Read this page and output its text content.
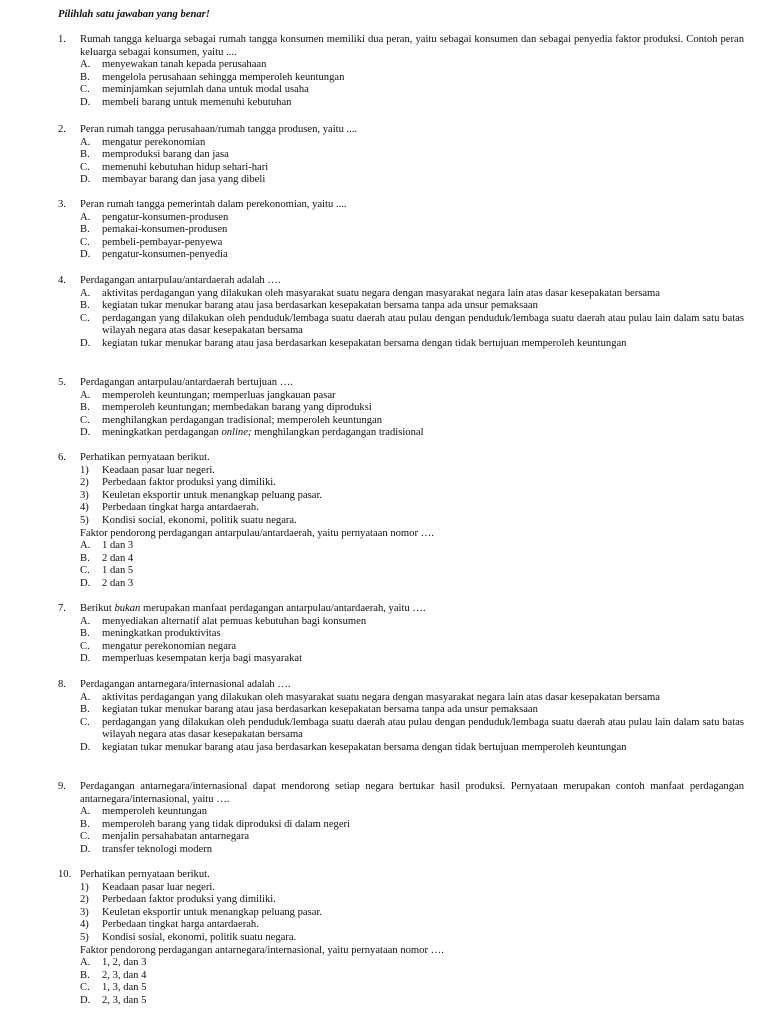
Pilihlah satu jawaban yang benar!
1. Rumah tangga keluarga sebagai rumah tangga konsumen memiliki dua peran, yaitu sebagai konsumen dan sebagai penyedia faktor produksi. Contoh peran keluarga sebagai konsumen, yaitu ....
A. menyewakan tanah kepada perusahaan
B. mengelola perusahaan sehingga memperoleh keuntungan
C. meminjamkan sejumlah dana untuk modal usaha
D. membeli barang untuk memenuhi kebutuhan
2. Peran rumah tangga perusahaan/rumah tangga produsen, yaitu ....
A. mengatur perekonomian
B. memproduksi barang dan jasa
C. memenuhi kebutuhan hidup sehari-hari
D. membayar barang dan jasa yang dibeli
3. Peran rumah tangga pemerintah dalam perekonomian, yaitu ....
A. pengatur-konsumen-produsen
B. pemakai-konsumen-produsen
C. pembeli-pembayar-penyewa
D. pengatur-konsumen-penyedia
4. Perdagangan antarpulau/antardaerah adalah ….
A. aktivitas perdagangan yang dilakukan oleh masyarakat suatu negara dengan masyarakat negara lain atas dasar kesepakatan bersama
B. kegiatan tukar menukar barang atau jasa berdasarkan kesepakatan bersama tanpa ada unsur pemaksaan
C. perdagangan yang dilakukan oleh penduduk/lembaga suatu daerah atau pulau dengan penduduk/lembaga suatu daerah atau pulau lain dalam satu batas wilayah negara atas dasar kesepakatan bersama
D. kegiatan tukar menukar barang atau jasa berdasarkan kesepakatan bersama dengan tidak bertujuan memperoleh keuntungan
5. Perdagangan antarpulau/antardaerah bertujuan ….
A. memperoleh keuntungan; memperluas jangkauan pasar
B. memperoleh keuntungan; membedakan barang yang diproduksi
C. menghilangkan perdagangan tradisional; memperoleh keuntungan
D. meningkatkan perdagangan online; menghilangkan perdagangan tradisional
6. Perhatikan pernyataan berikut.
1) Keadaan pasar luar negeri.
2) Perbedaan faktor produksi yang dimiliki.
3) Keuletan eksportir untuk menangkap peluang pasar.
4) Perbedaan tingkat harga antardaerah.
5) Kondisi social, ekonomi, politik suatu negara.
Faktor pendorong perdagangan antarpulau/antardaerah, yaitu pernyataan nomor ….
A. 1 dan 3
B. 2 dan 4
C. 1 dan 5
D. 2 dan 3
7. Berikut bukan merupakan manfaat perdagangan antarpulau/antardaerah, yaitu ….
A. menyediakan alternatif alat pemuas kebutuhan bagi konsumen
B. meningkatkan produktivitas
C. mengatur perekonomian negara
D. memperluas kesempatan kerja bagi masyarakat
8. Perdagangan antarnegara/internasional adalah ….
A. aktivitas perdagangan yang dilakukan oleh masyarakat suatu negara dengan masyarakat negara lain atas dasar kesepakatan bersama
B. kegiatan tukar menukar barang atau jasa berdasarkan kesepakatan bersama tanpa ada unsur pemaksaan
C. perdagangan yang dilakukan oleh penduduk/lembaga suatu daerah atau pulau dengan penduduk/lembaga suatu daerah atau pulau lain dalam satu batas wilayah negara atas dasar kesepakatan bersama
D. kegiatan tukar menukar barang atau jasa berdasarkan kesepakatan bersama dengan tidak bertujuan memperoleh keuntungan
9. Perdagangan antarnegara/internasional dapat mendorong setiap negara bertukar hasil produksi. Pernyataan merupakan contoh manfaat perdagangan antarnegara/internasional, yaitu ….
A. memperoleh keuntungan
B. memperoleh barang yang tidak diproduksi di dalam negeri
C. menjalin persahabatan antarnegara
D. transfer teknologi modern
10. Perhatikan pernyataan berikut.
1) Keadaan pasar luar negeri.
2) Perbedaan faktor produksi yang dimiliki.
3) Keuletan eksportir untuk menangkap peluang pasar.
4) Perbedaan tingkat harga antardaerah.
5) Kondisi sosial, ekonomi, politik suatu negara.
Faktor pendorong perdagangan antarnegara/internasional, yaitu pernyataan nomor ….
A. 1, 2, dan 3
B. 2, 3, dan 4
C. 1, 3, dan 5
D. 2, 3, dan 5
